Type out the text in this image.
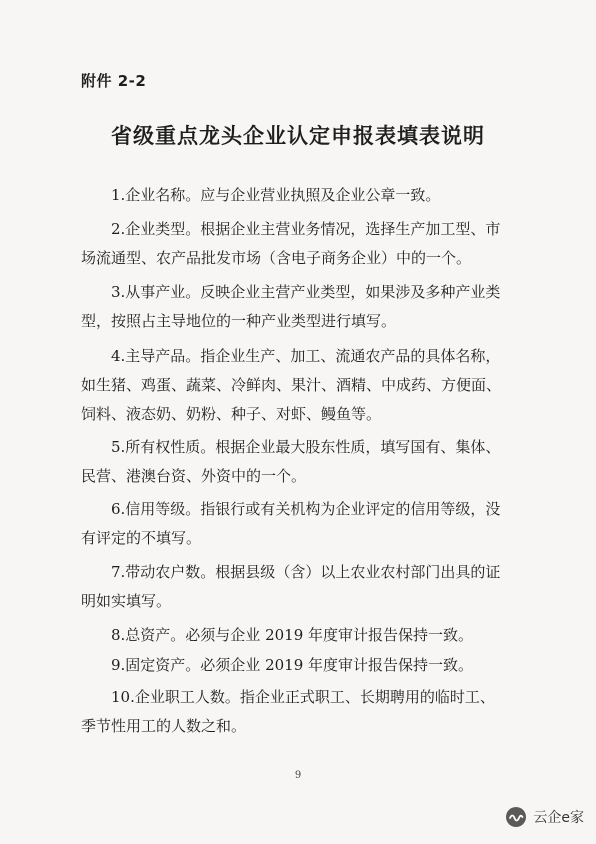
附件 2-2
省级重点龙头企业认定申报表填表说明
1.企业名称。应与企业营业执照及企业公章一致。
2.企业类型。根据企业主营业务情况，选择生产加工型、市
场流通型、农产品批发市场（含电子商务企业）中的一个。
3.从事产业。反映企业主营产业类型，如果涉及多种产业类
型，按照占主导地位的一种产业类型进行填写。
4.主导产品。指企业生产、加工、流通农产品的具体名称，
如生猪、鸡蛋、蔬菜、冷鲜肉、果汁、酒精、中成药、方便面、
饲料、液态奶、奶粉、种子、对虾、鳗鱼等。
5.所有权性质。根据企业最大股东性质，填写国有、集体、
民营、港澳台资、外资中的一个。
6.信用等级。指银行或有关机构为企业评定的信用等级，没
有评定的不填写。
7.带动农户数。根据县级（含）以上农业农村部门出具的证
明如实填写。
8.总资产。必须与企业 2019 年度审计报告保持一致。
9.固定资产。必须企业 2019 年度审计报告保持一致。
10.企业职工人数。指企业正式职工、长期聘用的临时工、
季节性用工的人数之和。
9
云企e家
